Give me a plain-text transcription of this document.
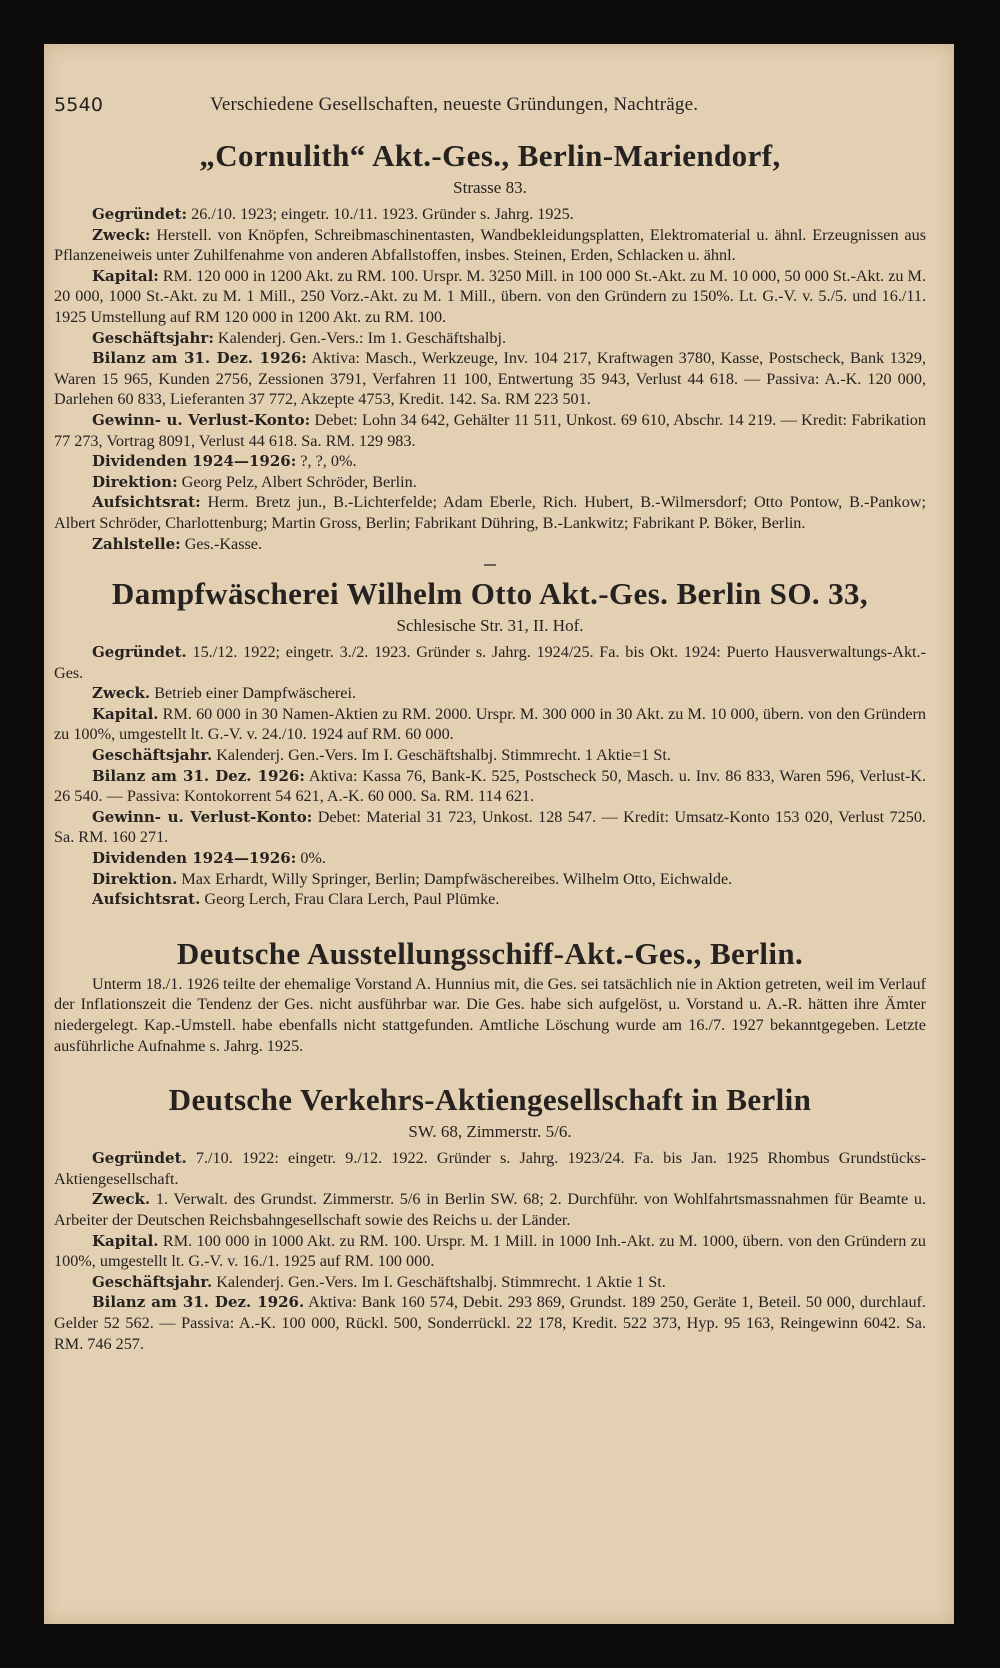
5540	Verschiedene Gesellschaften, neueste Gründungen, Nachträge.

„Cornulith“ Akt.-Ges., Berlin-Mariendorf,

Strasse 83.

Gegründet: 26./10. 1923; eingetr. 10./11. 1923. Gründer s. Jahrg. 1925.

Zweck: Herstell. von Knöpfen, Schreibmaschinentasten, Wandbekleidungsplatten, Elektromaterial u. ähnl. Erzeugnissen aus Pflanzeneiweis unter Zuhilfenahme von anderen Abfallstoffen, insbes. Steinen, Erden, Schlacken u. ähnl.

Kapital: RM. 120 000 in 1200 Akt. zu RM. 100. Urspr. M. 3250 Mill. in 100 000 St.-Akt. zu M. 10 000, 50 000 St.-Akt. zu M. 20 000, 1000 St.-Akt. zu M. 1 Mill., 250 Vorz.-Akt. zu M. 1 Mill., übern. von den Gründern zu 150%. Lt. G.-V. v. 5./5. und 16./11. 1925 Umstellung auf RM 120 000 in 1200 Akt. zu RM. 100.

Geschäftsjahr: Kalenderj. Gen.-Vers.: Im 1. Geschäftshalbj.

Bilanz am 31. Dez. 1926: Aktiva: Masch., Werkzeuge, Inv. 104 217, Kraftwagen 3780, Kasse, Postscheck, Bank 1329, Waren 15 965, Kunden 2756, Zessionen 3791, Verfahren 11 100, Entwertung 35 943, Verlust 44 618. — Passiva: A.-K. 120 000, Darlehen 60 833, Lieferanten 37 772, Akzepte 4753, Kredit. 142. Sa. RM 223 501.

Gewinn- u. Verlust-Konto: Debet: Lohn 34 642, Gehälter 11 511, Unkost. 69 610, Abschr. 14 219. — Kredit: Fabrikation 77 273, Vortrag 8091, Verlust 44 618. Sa. RM. 129 983.

Dividenden 1924—1926: ?, ?, 0%.

Direktion: Georg Pelz, Albert Schröder, Berlin.

Aufsichtsrat: Herm. Bretz jun., B.-Lichterfelde; Adam Eberle, Rich. Hubert, B.-Wilmersdorf; Otto Pontow, B.-Pankow; Albert Schröder, Charlottenburg; Martin Gross, Berlin; Fabrikant Dühring, B.-Lankwitz; Fabrikant P. Böker, Berlin.

Zahlstelle: Ges.-Kasse.

Dampfwäscherei Wilhelm Otto Akt.-Ges. Berlin SO. 33,

Schlesische Str. 31, II. Hof.

Gegründet. 15./12. 1922; eingetr. 3./2. 1923. Gründer s. Jahrg. 1924/25. Fa. bis Okt. 1924: Puerto Hausverwaltungs-Akt.-Ges.

Zweck. Betrieb einer Dampfwäscherei.

Kapital. RM. 60 000 in 30 Namen-Aktien zu RM. 2000. Urspr. M. 300 000 in 30 Akt. zu M. 10 000, übern. von den Gründern zu 100%, umgestellt lt. G.-V. v. 24./10. 1924 auf RM. 60 000.

Geschäftsjahr. Kalenderj. Gen.-Vers. Im I. Geschäftshalbj. Stimmrecht. 1 Aktie=1 St.

Bilanz am 31. Dez. 1926: Aktiva: Kassa 76, Bank-K. 525, Postscheck 50, Masch. u. Inv. 86 833, Waren 596, Verlust-K. 26 540. — Passiva: Kontokorrent 54 621, A.-K. 60 000. Sa. RM. 114 621.

Gewinn- u. Verlust-Konto: Debet: Material 31 723, Unkost. 128 547. — Kredit: Umsatz-Konto 153 020, Verlust 7250. Sa. RM. 160 271.

Dividenden 1924—1926: 0%.

Direktion. Max Erhardt, Willy Springer, Berlin; Dampfwäschereibes. Wilhelm Otto, Eichwalde.

Aufsichtsrat. Georg Lerch, Frau Clara Lerch, Paul Plümke.

Deutsche Ausstellungsschiff-Akt.-Ges., Berlin.

Unterm 18./1. 1926 teilte der ehemalige Vorstand A. Hunnius mit, die Ges. sei tatsächlich nie in Aktion getreten, weil im Verlauf der Inflationszeit die Tendenz der Ges. nicht ausführbar war. Die Ges. habe sich aufgelöst, u. Vorstand u. A.-R. hätten ihre Ämter niedergelegt. Kap.-Umstell. habe ebenfalls nicht stattgefunden. Amtliche Löschung wurde am 16./7. 1927 bekanntgegeben. Letzte ausführliche Aufnahme s. Jahrg. 1925.

Deutsche Verkehrs-Aktiengesellschaft in Berlin

SW. 68, Zimmerstr. 5/6.

Gegründet. 7./10. 1922: eingetr. 9./12. 1922. Gründer s. Jahrg. 1923/24. Fa. bis Jan. 1925 Rhombus Grundstücks-Aktiengesellschaft.

Zweck. 1. Verwalt. des Grundst. Zimmerstr. 5/6 in Berlin SW. 68; 2. Durchführ. von Wohlfahrtsmassnahmen für Beamte u. Arbeiter der Deutschen Reichsbahngesellschaft sowie des Reichs u. der Länder.

Kapital. RM. 100 000 in 1000 Akt. zu RM. 100. Urspr. M. 1 Mill. in 1000 Inh.-Akt. zu M. 1000, übern. von den Gründern zu 100%, umgestellt lt. G.-V. v. 16./1. 1925 auf RM. 100 000.

Geschäftsjahr. Kalenderj. Gen.-Vers. Im I. Geschäftshalbj. Stimmrecht. 1 Aktie 1 St.

Bilanz am 31. Dez. 1926. Aktiva: Bank 160 574, Debit. 293 869, Grundst. 189 250, Geräte 1, Beteil. 50 000, durchlauf. Gelder 52 562. — Passiva: A.-K. 100 000, Rückl. 500, Sonderrückl. 22 178, Kredit. 522 373, Hyp. 95 163, Reingewinn 6042. Sa. RM. 746 257.
